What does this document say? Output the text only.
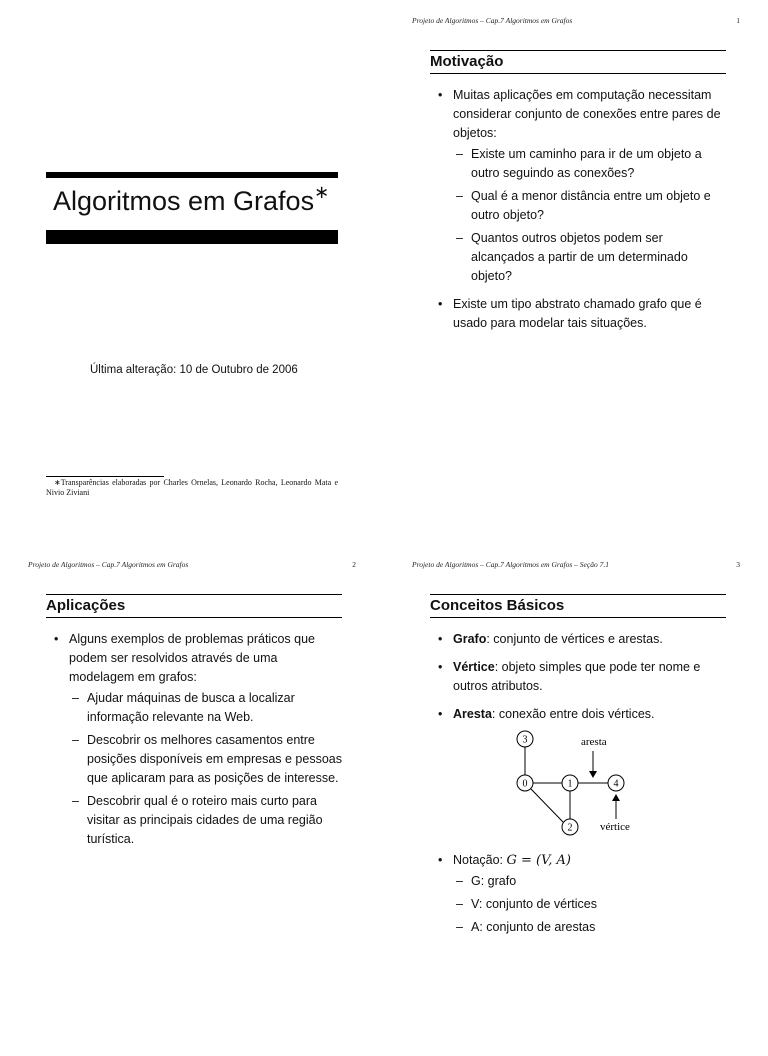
Algoritmos em Grafos∗
Última alteração: 10 de Outubro de 2006
∗Transparências elaboradas por Charles Ornelas, Leonardo Rocha, Leonardo Mata e Nivio Ziviani
Projeto de Algoritmos – Cap.7 Algoritmos em Grafos	1
Motivação
• Muitas aplicações em computação necessitam considerar conjunto de conexões entre pares de objetos:
– Existe um caminho para ir de um objeto a outro seguindo as conexões?
– Qual é a menor distância entre um objeto e outro objeto?
– Quantos outros objetos podem ser alcançados a partir de um determinado objeto?
• Existe um tipo abstrato chamado grafo que é usado para modelar tais situações.
Projeto de Algoritmos – Cap.7 Algoritmos em Grafos	2
Aplicações
• Alguns exemplos de problemas práticos que podem ser resolvidos através de uma modelagem em grafos:
– Ajudar máquinas de busca a localizar informação relevante na Web.
– Descobrir os melhores casamentos entre posições disponíveis em empresas e pessoas que aplicaram para as posições de interesse.
– Descobrir qual é o roteiro mais curto para visitar as principais cidades de uma região turística.
Projeto de Algoritmos – Cap.7 Algoritmos em Grafos – Seção 7.1	3
Conceitos Básicos
• Grafo: conjunto de vértices e arestas.
• Vértice: objeto simples que pode ter nome e outros atributos.
• Aresta: conexão entre dois vértices.
3
0	1	4
2
aresta
vértice
• Notação: G = (V, A)
– G: grafo
– V: conjunto de vértices
– A: conjunto de arestas
